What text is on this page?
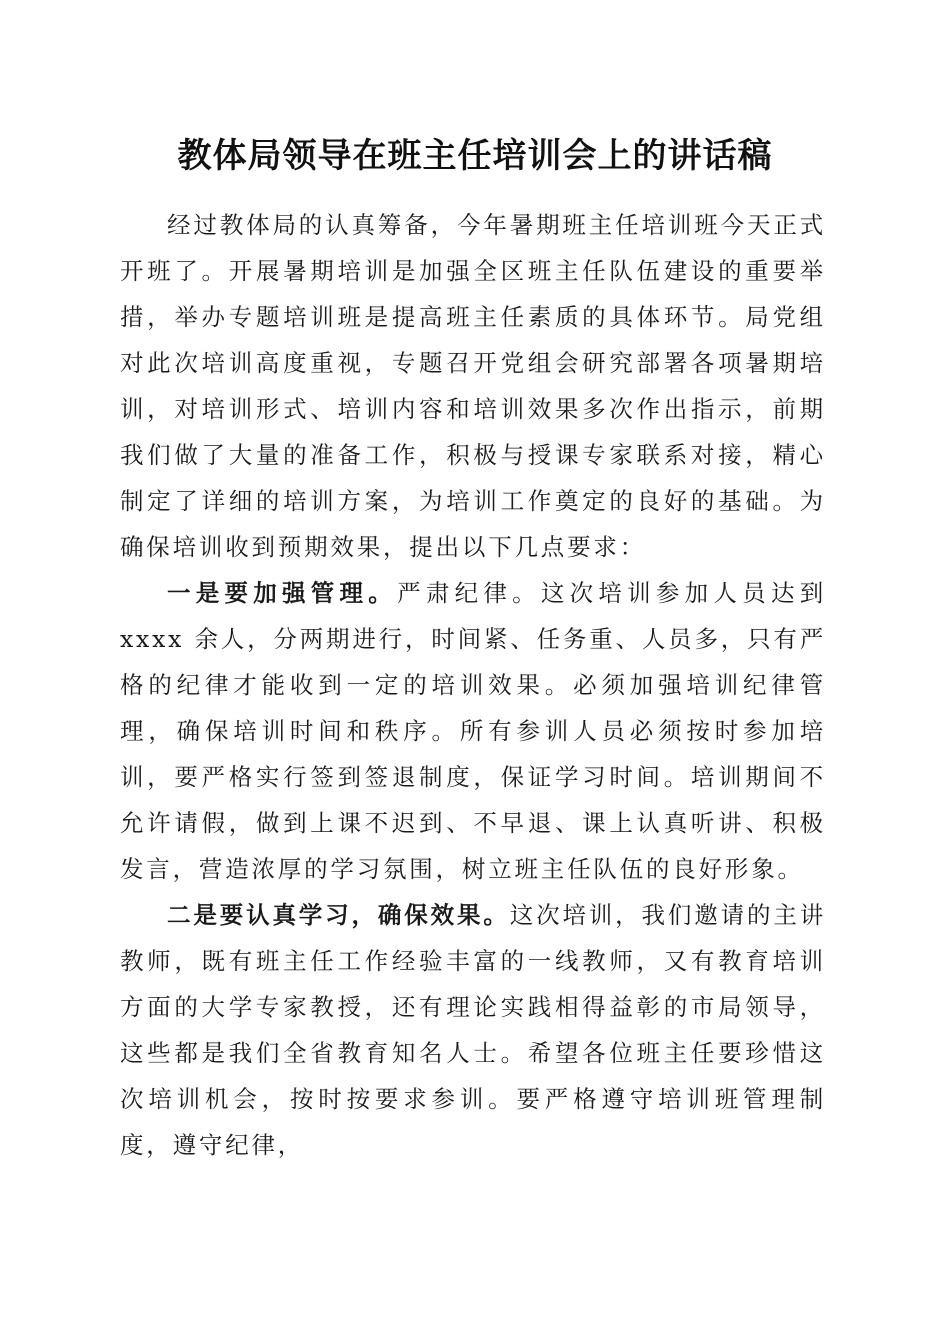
教体局领导在班主任培训会上的讲话稿

经过教体局的认真筹备，今年暑期班主任培训班今天正式开班了。开展暑期培训是加强全区班主任队伍建设的重要举措，举办专题培训班是提高班主任素质的具体环节。局党组对此次培训高度重视，专题召开党组会研究部署各项暑期培训，对培训形式、培训内容和培训效果多次作出指示，前期我们做了大量的准备工作，积极与授课专家联系对接，精心制定了详细的培训方案，为培训工作奠定的良好的基础。为确保培训收到预期效果，提出以下几点要求：

一是要加强管理。严肃纪律。这次培训参加人员达到 xxxx 余人，分两期进行，时间紧、任务重、人员多，只有严格的纪律才能收到一定的培训效果。必须加强培训纪律管理，确保培训时间和秩序。所有参训人员必须按时参加培训，要严格实行签到签退制度，保证学习时间。培训期间不允许请假，做到上课不迟到、不早退、课上认真听讲、积极发言，营造浓厚的学习氛围，树立班主任队伍的良好形象。

二是要认真学习，确保效果。这次培训，我们邀请的主讲教师，既有班主任工作经验丰富的一线教师，又有教育培训方面的大学专家教授，还有理论实践相得益彰的市局领导，这些都是我们全省教育知名人士。希望各位班主任要珍惜这次培训机会，按时按要求参训。要严格遵守培训班管理制度，遵守纪律，
